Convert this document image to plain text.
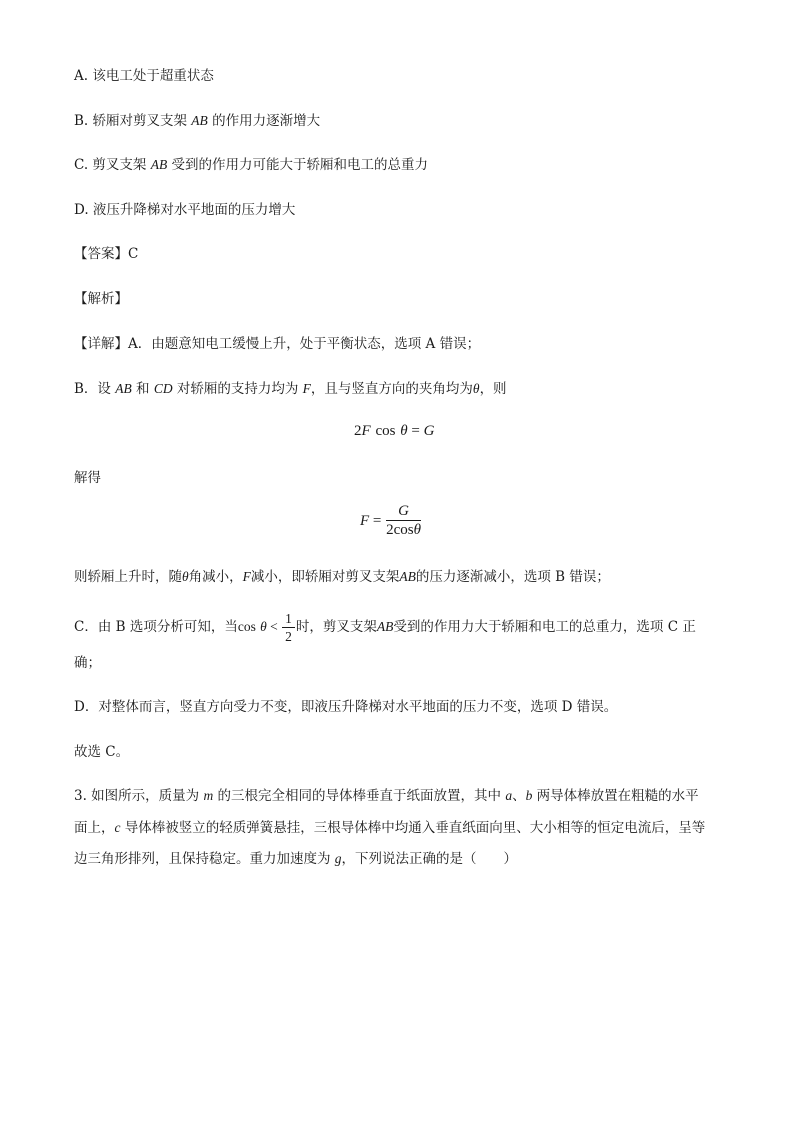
A. 该电工处于超重状态
B. 轿厢对剪叉支架 AB 的作用力逐渐增大
C. 剪叉支架 AB 受到的作用力可能大于轿厢和电工的总重力
D. 液压升降梯对水平地面的压力增大
【答案】C
【解析】
【详解】A．由题意知电工缓慢上升，处于平衡状态，选项 A 错误；
B．设 AB 和 CD 对轿厢的支持力均为 F，且与竖直方向的夹角均为θ，则
2F cos θ = G
解得
$F = \frac{G}{2\cos\theta}$
则轿厢上升时，随θ角减小，F减小，即轿厢对剪叉支架AB的压力逐渐减小，选项 B 错误；
C．由 B 选项分析可知，当$\cos \theta < \frac{1}{2}$ 时，剪叉支架AB受到的作用力大于轿厢和电工的总重力，选项 C 正
确；
D．对整体而言，竖直方向受力不变，即液压升降梯对水平地面的压力不变，选项 D 错误。
故选 C。
3. 如图所示，质量为 m 的三根完全相同的导体棒垂直于纸面放置，其中 a、b 两导体棒放置在粗糙的水平
面上，c 导体棒被竖立的轻质弹簧悬挂，三根导体棒中均通入垂直纸面向里、大小相等的恒定电流后，呈等
边三角形排列，且保持稳定。重力加速度为 g，下列说法正确的是（　　）
